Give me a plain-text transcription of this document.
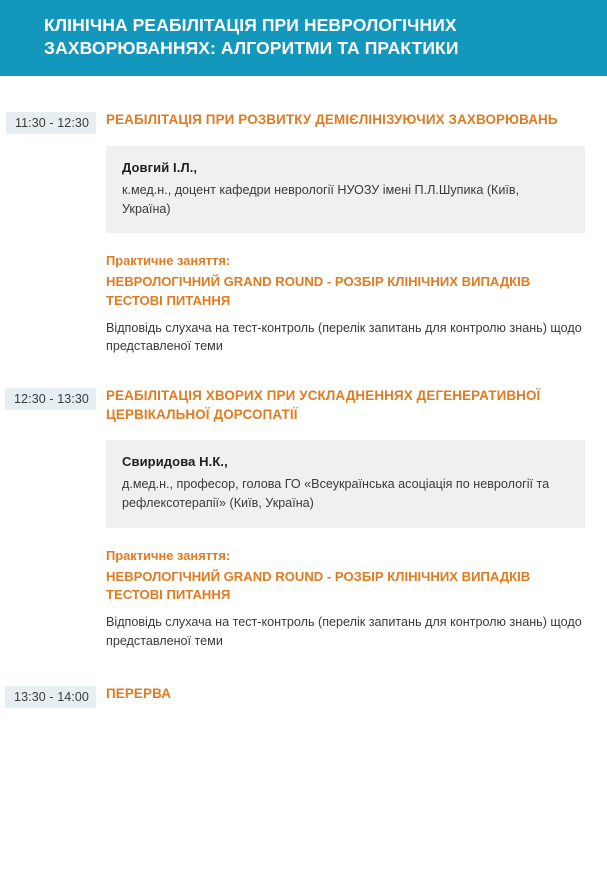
КЛІНІЧНА РЕАБІЛІТАЦІЯ ПРИ НЕВРОЛОГІЧНИХ ЗАХВОРЮВАННЯХ: АЛГОРИТМИ ТА ПРАКТИКИ
11:30 - 12:30	РЕАБІЛІТАЦІЯ ПРИ РОЗВИТКУ ДЕМІЄЛІНІЗУЮЧИХ ЗАХВОРЮВАНЬ

Довгий І.Л.,

к.мед.н., доцент кафедри неврології НУОЗУ імені П.Л.Шупика (Київ, Україна)

Практичне заняття:

НЕВРОЛОГІЧНИЙ GRAND ROUND - РОЗБІР КЛІНІЧНИХ ВИПАДКІВ ТЕСТОВІ ПИТАННЯ

Відповідь слухача на тест-контроль (перелік запитань для контролю знань) щодо представленої теми

12:30 - 13:30	РЕАБІЛІТАЦІЯ ХВОРИХ ПРИ УСКЛАДНЕННЯХ ДЕГЕНЕРАТИВНОЇ ЦЕРВІКАЛЬНОЇ ДОРСОПАТІЇ

Свиридова Н.К.,

д.мед.н., професор, голова ГО «Всеукраїнська асоціація по неврології та рефлексотерапії» (Київ, Україна)

Практичне заняття:

НЕВРОЛОГІЧНИЙ GRAND ROUND - РОЗБІР КЛІНІЧНИХ ВИПАДКІВ ТЕСТОВІ ПИТАННЯ

Відповідь слухача на тест-контроль (перелік запитань для контролю знань) щодо представленої теми

13:30 - 14:00	ПЕРЕРВА
